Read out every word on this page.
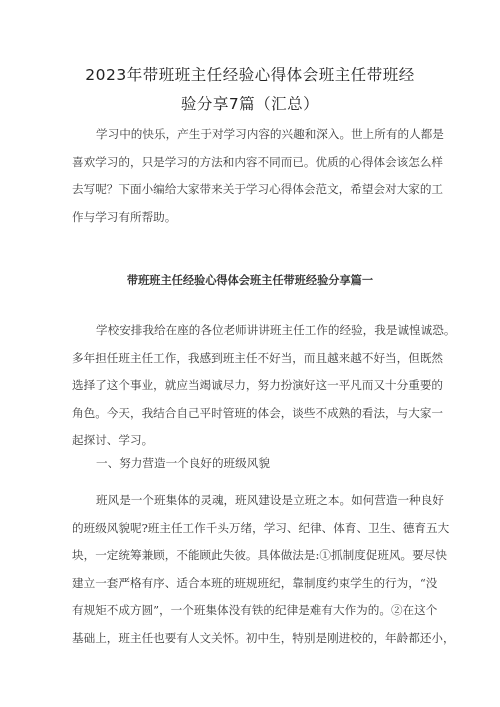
2023年带班班主任经验心得体会班主任带班经
验分享7篇（汇总）
学习中的快乐，产生于对学习内容的兴趣和深入。世上所有的人都是
喜欢学习的，只是学习的方法和内容不同而已。优质的心得体会该怎么样
去写呢？下面小编给大家带来关于学习心得体会范文，希望会对大家的工
作与学习有所帮助。
带班班主任经验心得体会班主任带班经验分享篇一
学校安排我给在座的各位老师讲讲班主任工作的经验，我是诚惶诚恐。
多年担任班主任工作，我感到班主任不好当，而且越来越不好当，但既然
选择了这个事业，就应当竭诚尽力，努力扮演好这一平凡而又十分重要的
角色。今天，我结合自己平时管班的体会，谈些不成熟的看法，与大家一
起探讨、学习。
一、努力营造一个良好的班级风貌
班风是一个班集体的灵魂，班风建设是立班之本。如何营造一种良好
的班级风貌呢?班主任工作千头万绪，学习、纪律、体育、卫生、德育五大
块，一定统筹兼顾，不能顾此失彼。具体做法是:①抓制度促班风。要尽快
建立一套严格有序、适合本班的班规班纪，靠制度约束学生的行为，“没
有规矩不成方圆”，一个班集体没有铁的纪律是难有大作为的。②在这个
基础上，班主任也要有人文关怀。初中生，特别是刚进校的，年龄都还小，
